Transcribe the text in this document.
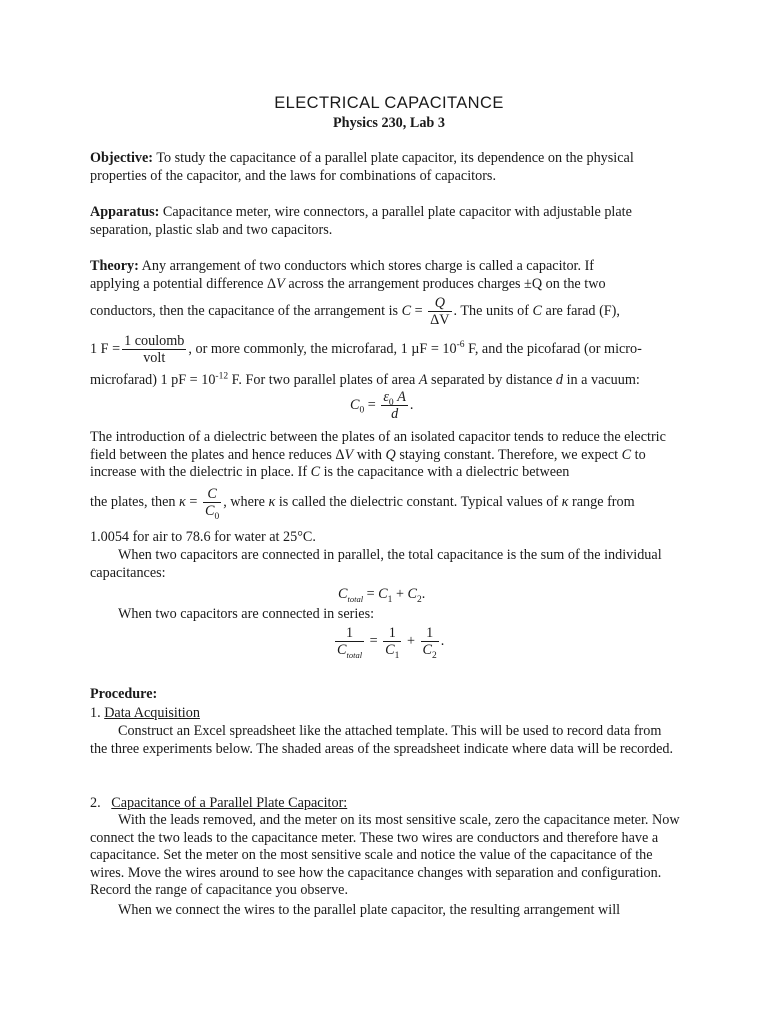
ELECTRICAL CAPACITANCE
Physics 230, Lab 3

Objective: To study the capacitance of a parallel plate capacitor, its dependence on the physical properties of the capacitor, and the laws for combinations of capacitors.

Apparatus: Capacitance meter, wire connectors, a parallel plate capacitor with adjustable plate separation, plastic slab and two capacitors.

Theory: Any arrangement of two conductors which stores charge is called a capacitor. If
applying a potential difference ΔV across the arrangement produces charges ±Q on the two
conductors, then the capacitance of the arrangement is $C = \frac{Q}{\Delta V}$ . The units of C are farad (F),
1 $F = \frac{\text{1 coulomb}}{\text{volt}}$ , or more commonly, the microfarad, 1 $\mu F = 10^{-6}$ F, and the picofarad (or micro-
microfarad) 1 pF = $10^{-12}$ F. For two parallel plates of area A separated by distance d in a vacuum:
$C_0 = \frac{\varepsilon_0 A}{d}$ .

The introduction of a dielectric between the plates of an isolated capacitor tends to reduce the electric field between the plates and hence reduces ΔV with Q staying constant. Therefore, we expect C to increase with the dielectric in place. If C is the capacitance with a dielectric between

the plates, then $\kappa = \frac{C}{C_0}$ , where κ is called the dielectric constant. Typical values of κ range from
1.0054 for air to 78.6 for water at 25°C.

When two capacitors are connected in parallel, the total capacitance is the sum of the individual capacitances:

$C_{total} = C_1 + C_2$.
When two capacitors are connected in series:
$\frac{1}{C_{total}} = \frac{1}{C_1} + \frac{1}{C_2}$ .
Procedure:
1. Data Acquisition

Construct an Excel spreadsheet like the attached template. This will be used to record data from the three experiments below. The shaded areas of the spreadsheet indicate where data will be recorded.

2. Capacitance of a Parallel Plate Capacitor:

With the leads removed, and the meter on its most sensitive scale, zero the capacitance meter. Now connect the two leads to the capacitance meter. These two wires are conductors and therefore have a capacitance. Set the meter on the most sensitive scale and notice the value of the capacitance of the wires. Move the wires around to see how the capacitance changes with separation and configuration. Record the range of capacitance you observe.

When we connect the wires to the parallel plate capacitor, the resulting arrangement will
